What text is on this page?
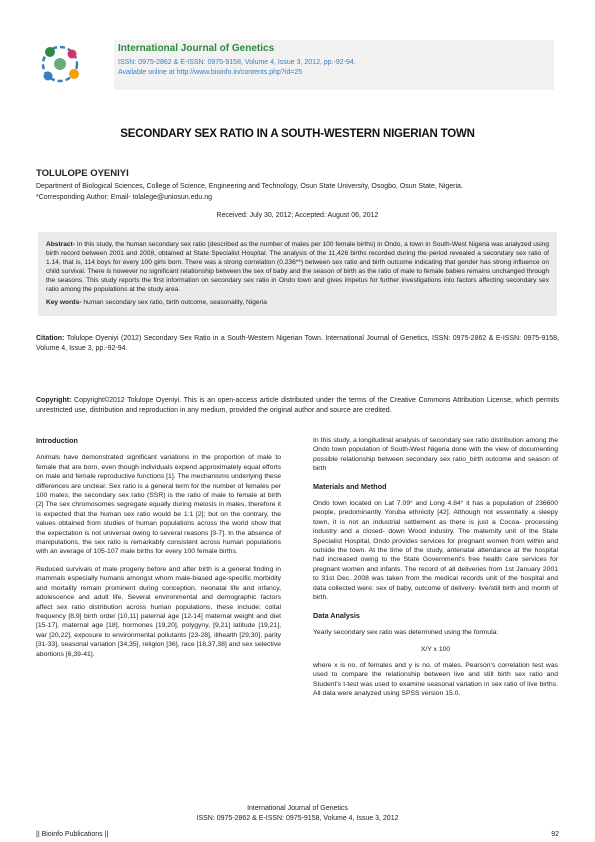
International Journal of Genetics
ISSN: 0975-2862 & E-ISSN: 0975-9158, Volume 4, Issue 3, 2012, pp.-92-94.
Available online at http://www.bioinfo.in/contents.php?id=25
SECONDARY SEX RATIO IN A SOUTH-WESTERN NIGERIAN TOWN
TOLULOPE OYENIYI
Department of Biological Sciences, College of Science, Engineering and Technology, Osun State University, Osogbo, Osun State, Nigeria.
*Corresponding Author: Email- tolalege@uniosun.edu.ng
Received: July 30, 2012; Accepted: August 06, 2012
Abstract- In this study, the human secondary sex ratio (described as the number of males per 100 female births) in Ondo, a town in South-West Nigeria was analyzed using birth record between 2001 and 2008, obtained at State Specialist Hospital. The analysis of the 11,426 births recorded during the period revealed a secondary sex ratio of 1.14, that is, 114 boys for every 100 girls born. There was a strong correlation (0.236**) between sex ratio and birth outcome indicating that gender has strong influence on child survival. There is however no significant relationship between the sex of baby and the season of birth as the ratio of male to female babies remains unchanged through the seasons. This study reports the first information on secondary sex ratio in Ondo town and gives impetus for further investigations into factors affecting secondary sex ratio among the populations at the study area.
Key words- human secondary sex ratio, birth outcome, seasonality, Nigeria
Citation: Tolulope Oyeniyi (2012) Secondary Sex Ratio in a South-Western Nigerian Town. International Journal of Genetics, ISSN: 0975-2862 & E-ISSN: 0975-9158, Volume 4, Issue 3, pp.-92-94.
Copyright: Copyright©2012 Tolulope Oyeniyi. This is an open-access article distributed under the terms of the Creative Commons Attribution License, which permits unrestricted use, distribution and reproduction in any medium, provided the original author and source are credited.
Introduction

Animals have demonstrated significant variations in the proportion of male to female that are born, even though individuals expend approximately equal efforts on male and female reproductive functions [1]. The mechanisms underlying these differences are unclear. Sex ratio is a general term for the number of females per 100 males; the secondary sex ratio (SSR) is the ratio of male to female at birth [2] The sex chromosomes segregate equally during meiosis in males, therefore it is expected that the human sex ratio would be 1:1 [2]; but on the contrary, the values obtained from studies of human populations across the world show that the expectation is not universal owing to several reasons [3-7]. In the absence of manipulations, the sex ratio is remarkably consistent across human populations with an average of 105-107 male births for every 100 female births.

Reduced survivals of male progeny before and after birth is a general finding in mammals especially humans amongst whom male-biased age-specific morbidity and mortality remain prominent during conception, neonatal life and infancy, adolescence and adult life. Several environmental and demographic factors affect sex ratio distribution across human populations, these include; coital frequency [8,9] birth order [10,11] paternal age [12-14] maternal weight and diet [15-17], maternal age [18], hormones [19,20], polygyny, [9,21] latitude [19,21], war [20,22], exposure to environmental pollutants [23-28], illhealth [29,30], parity [31-33], seasonal variation [34,35], religion [36], race [18,37,38] and sex selective abortions [6,39-41].

In this study, a longitudinal analysis of secondary sex ratio distribution among the Ondo town population of South-West Nigeria done with the view of documenting possible relationship between secondary sex ratio_birth outcome and season of birth

Materials and Method

Ondo town located on Lat 7.09° and Long 4.84° it has a population of 236600 people, predominantly Yoruba ethnicity [42]. Although not essentially a sleepy town, it is not an industrial settlement as there is just a Cocoa- processing industry and a closed- down Wood industry. The maternity unit of the State Specialist Hospital, Ondo provides services for pregnant women from within and outside the town. At the time of the study, antenatal attendance at the hospital had increased owing to the State Government's free health care services for pregnant women and infants. The record of all deliveries from 1st January 2001 to 31st Dec. 2008 was taken from the medical records unit of the hospital and data collected were: sex of baby, outcome of delivery- live/still birth and month of birth.

Data Analysis

Yearly secondary sex ratio was determined using the formula:

X/Y x 100

where x is no. of females and y is no. of males. Pearson's correlation test was used to compare the relationship between live and still birth sex ratio and Student's t-test was used to examine seasonal variation in sex ratio of live births. All data were analyzed using SPSS version 15.0.

International Journal of Genetics
ISSN: 0975-2862 & E-ISSN: 0975-9158, Volume 4, Issue 3, 2012
|| Bioinfo Publications ||	92
